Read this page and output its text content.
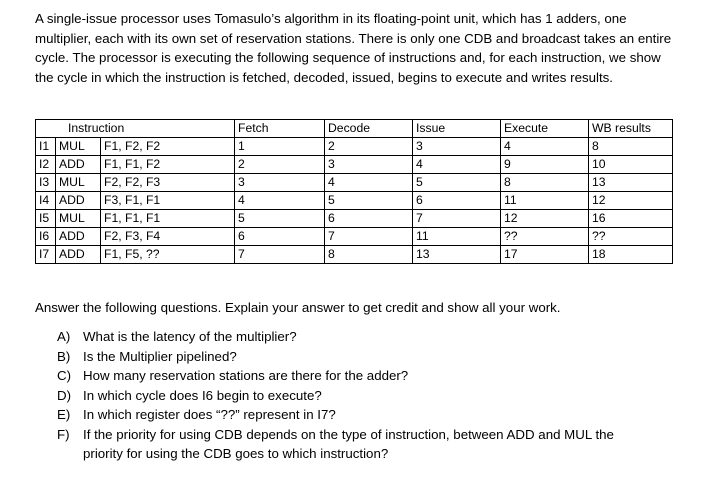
A single-issue processor uses Tomasulo’s algorithm in its floating-point unit, which has 1 adders, one multiplier, each with its own set of reservation stations. There is only one CDB and broadcast takes an entire cycle. The processor is executing the following sequence of instructions and, for each instruction, we show the cycle in which the instruction is fetched, decoded, issued, begins to execute and writes results.

Instruction			Fetch	Decode	Issue	Execute	WB results
I1	MUL	F1, F2, F2	1	2	3	4	8
I2	ADD	F1, F1, F2	2	3	4	9	10
I3	MUL	F2, F2, F3	3	4	5	8	13
I4	ADD	F3, F1, F1	4	5	6	11	12
I5	MUL	F1, F1, F1	5	6	7	12	16
I6	ADD	F2, F3, F4	6	7	11	??	??
I7	ADD	F1, F5, ??	7	8	13	17	18

Answer the following questions. Explain your answer to get credit and show all your work.

A) What is the latency of the multiplier?
B) Is the Multiplier pipelined?
C) How many reservation stations are there for the adder?
D) In which cycle does I6 begin to execute?
E) In which register does “??” represent in I7?
F)	If the priority for using CDB depends on the type of instruction, between ADD and MUL the priority for using the CDB goes to which instruction?
